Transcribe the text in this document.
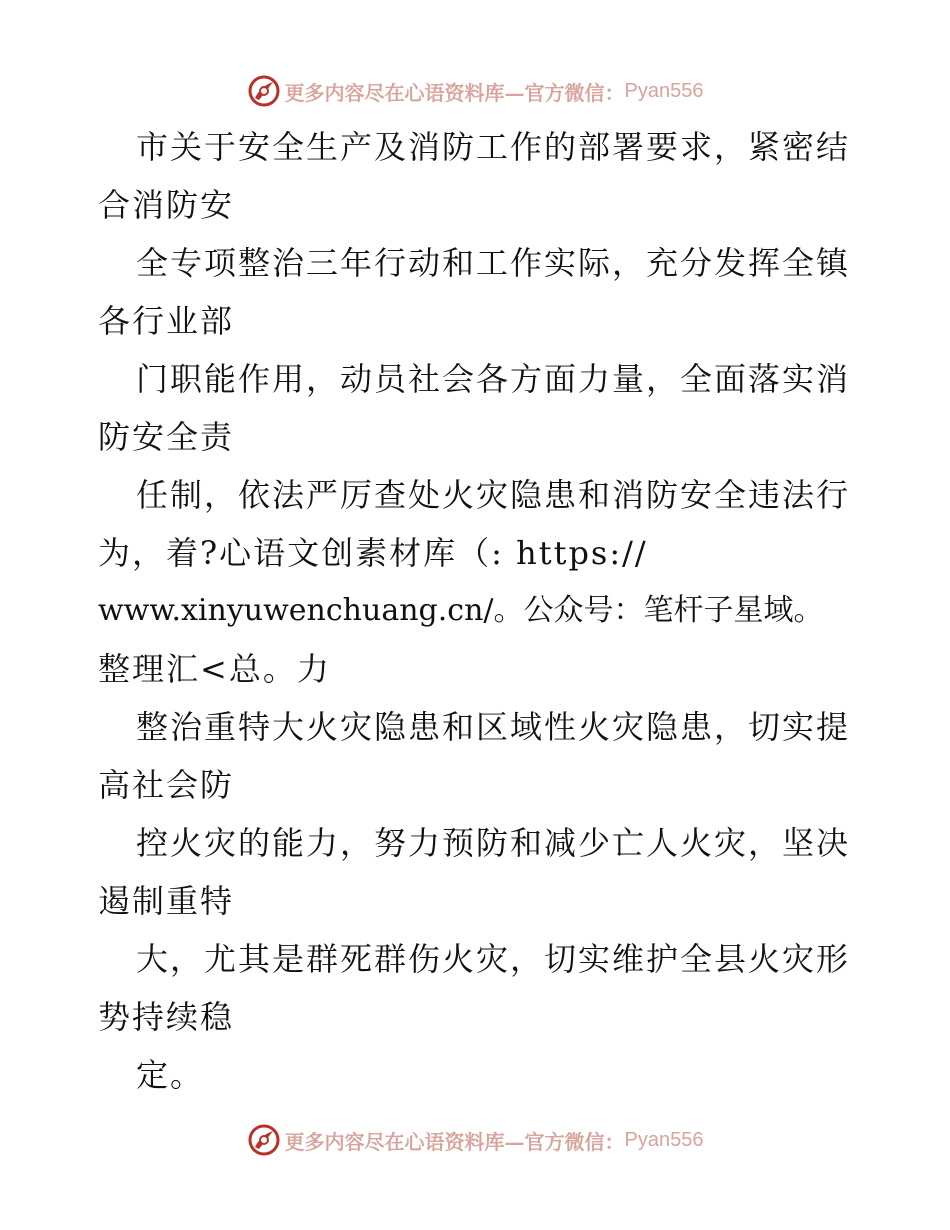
更多内容尽在心语资料库—官方微信： Pyan556
市关于安全生产及消防工作的部署要求，紧密结
合消防安
全专项整治三年行动和工作实际，充分发挥全镇
各行业部
门职能作用，动员社会各方面力量，全面落实消
防安全责
任制，依法严厉查处火灾隐患和消防安全违法行
为，着?心语文创素材库（: https://
www.xinyuwenchuang.cn/。公众号：笔杆子星域。
整理汇<总。力
整治重特大火灾隐患和区域性火灾隐患，切实提
高社会防
控火灾的能力，努力预防和减少亡人火灾，坚决
遏制重特
大，尤其是群死群伤火灾，切实维护全县火灾形
势持续稳
定。
更多内容尽在心语资料库—官方微信： Pyan556
